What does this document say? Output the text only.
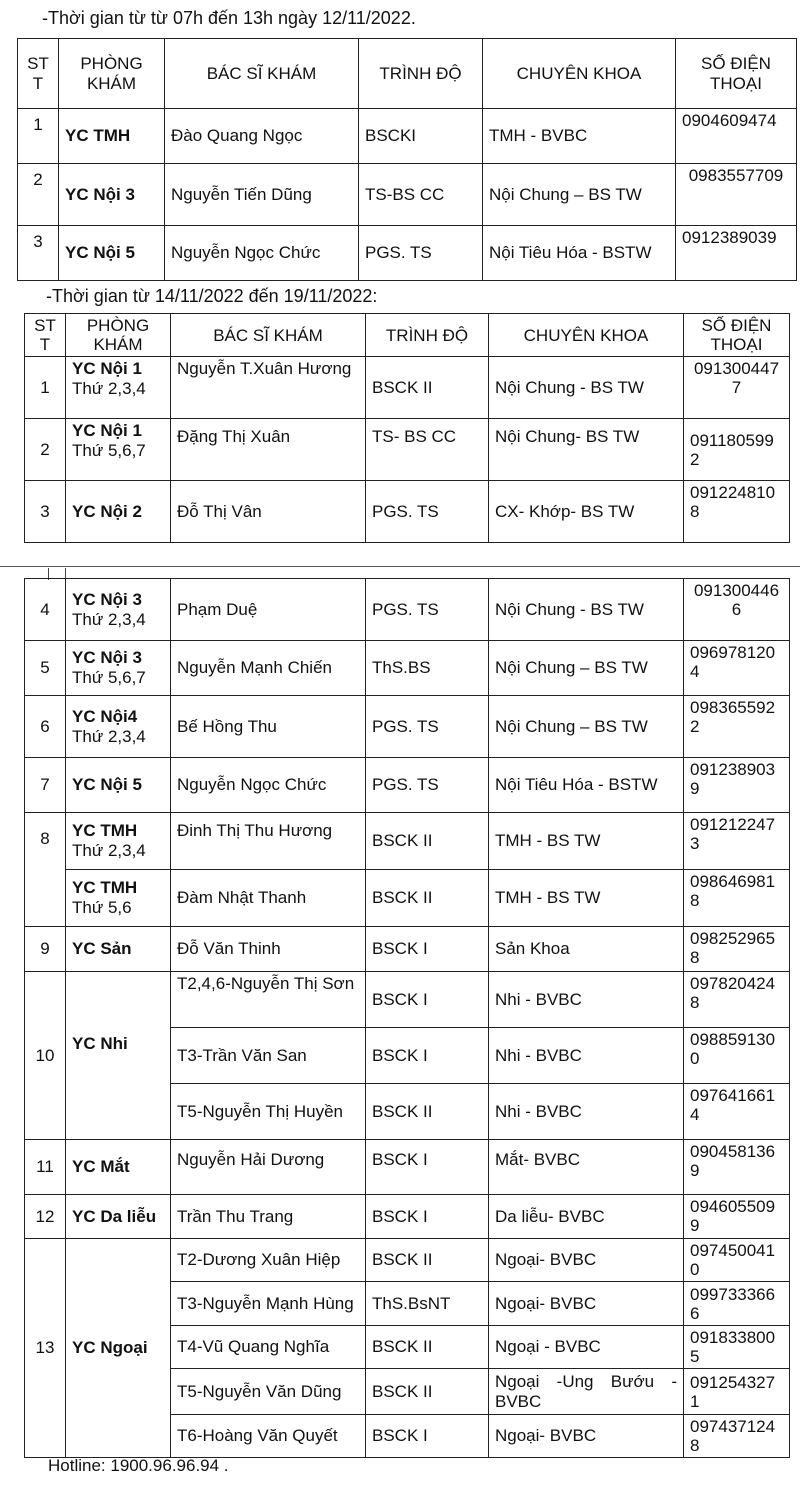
-Thời gian từ từ 07h đến 13h ngày 12/11/2022.
ST T	PHÒNG KHÁM	BÁC SĨ KHÁM	TRÌNH ĐỘ	CHUYÊN KHOA	SỐ ĐIỆN THOẠI
1	YC TMH	Đào Quang Ngọc	BSCKI	TMH - BVBC	0904609474
2	YC Nội 3	Nguyễn Tiến Dũng	TS-BS CC	Nội Chung – BS TW	0983557709
3	YC Nội 5	Nguyễn Ngọc Chức	PGS. TS	Nội Tiêu Hóa - BSTW	0912389039
-Thời gian từ 14/11/2022 đến 19/11/2022:
ST T	PHÒNG KHÁM	BÁC SĨ KHÁM	TRÌNH ĐỘ	CHUYÊN KHOA	SỐ ĐIỆN THOẠI
1	YC Nội 1
Thứ 2,3,4	Nguyễn T.Xuân Hương	BSCK II	Nội Chung - BS TW	0913004477
2	YC Nội 1
Thứ 5,6,7	Đặng Thị Xuân	TS- BS CC	Nội Chung- BS TW	0911805992
3	YC Nội 2	Đỗ Thị Vân	PGS. TS	CX- Khớp- BS TW	0912248108
4	YC Nội 3
Thứ 2,3,4	Phạm Duệ	PGS. TS	Nội Chung - BS TW	0913004466
5	YC Nội 3
Thứ 5,6,7	Nguyễn Mạnh Chiến	ThS.BS	Nội Chung – BS TW	0969781204
6	YC Nội4
Thứ 2,3,4	Bế Hồng Thu	PGS. TS	Nội Chung – BS TW	0983655922
7	YC Nội 5	Nguyễn Ngọc Chức	PGS. TS	Nội Tiêu Hóa - BSTW	0912389039
8	YC TMH
Thứ 2,3,4	Đinh Thị Thu Hương	BSCK II	TMH - BS TW	0912122473

	YC TMH
Thứ 5,6	Đàm Nhật Thanh	BSCK II	TMH - BS TW	0986469818
9	YC Sản	Đỗ Văn Thinh	BSCK I	Sản Khoa	0982529658
10	YC Nhi	T2,4,6-Nguyễn Thị Sơn	BSCK I	Nhi - BVBC	0978204248
		T3-Trần Văn San	BSCK I	Nhi - BVBC	0988591300
		T5-Nguyễn Thị Huyền	BSCK II	Nhi - BVBC	0976416614
11	YC Mắt	Nguyễn Hải Dương	BSCK I	Mắt- BVBC	0904581369
12	YC Da liễu	Trần Thu Trang	BSCK I	Da liễu- BVBC	0946055099
13	YC Ngoại	T2-Dương Xuân Hiệp	BSCK II	Ngoại- BVBC	0974500410
		T3-Nguyễn Mạnh Hùng	ThS.BsNT	Ngoại- BVBC	0997333666
		T4-Vũ Quang Nghĩa	BSCK II	Ngoại - BVBC	0918338005
		T5-Nguyễn Văn Dũng	BSCK II	Ngoại -Ung Bướu - BVBC	0912543271
		T6-Hoàng Văn Quyết	BSCK I	Ngoại- BVBC	0974371248
Hotline: 1900.96.96.94 .
